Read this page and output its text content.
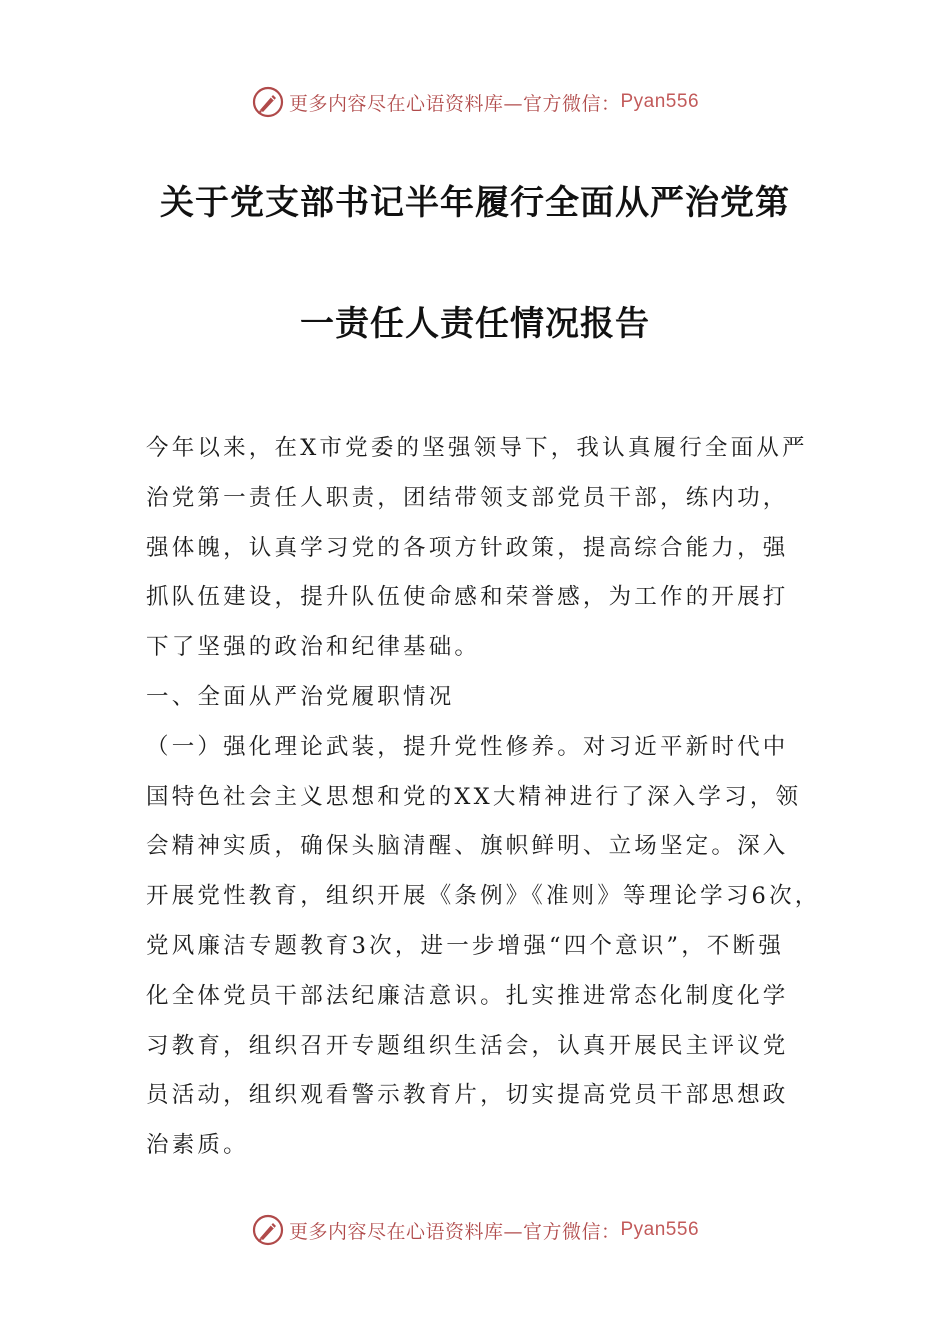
更多内容尽在心语资料库—官方微信： Pyan556
关于党支部书记半年履行全面从严治党第
一责任人责任情况报告
今年以来，在X市党委的坚强领导下，我认真履行全面从严
治党第一责任人职责，团结带领支部党员干部，练内功，
强体魄，认真学习党的各项方针政策，提高综合能力，强
抓队伍建设，提升队伍使命感和荣誉感，为工作的开展打
下了坚强的政治和纪律基础。
一、全面从严治党履职情况
（一）强化理论武装，提升党性修养。对习近平新时代中
国特色社会主义思想和党的XX大精神进行了深入学习，领
会精神实质，确保头脑清醒、旗帜鲜明、立场坚定。深入
开展党性教育，组织开展《条例》《准则》等理论学习6次，
党风廉洁专题教育3次，进一步增强“四个意识”，不断强
化全体党员干部法纪廉洁意识。扎实推进常态化制度化学
习教育，组织召开专题组织生活会，认真开展民主评议党
员活动，组织观看警示教育片，切实提高党员干部思想政
治素质。
更多内容尽在心语资料库—官方微信： Pyan556
